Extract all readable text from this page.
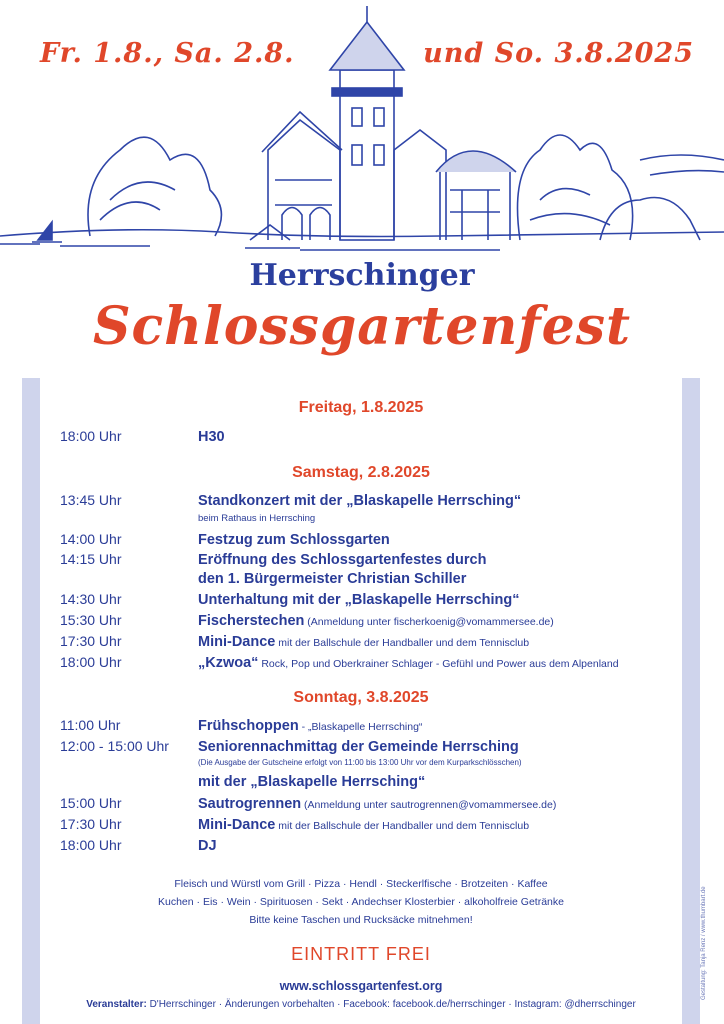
Fr. 1.8., Sa. 2.8.	und So. 3.8.2025
Herrschinger
Schlossgartenfest
Freitag, 1.8.2025
18:00 Uhr	H30
Samstag, 2.8.2025
13:45 Uhr	Standkonzert mit der „Blaskapelle Herrsching“
beim Rathaus in Herrsching
14:00 Uhr	Festzug zum Schlossgarten
14:15 Uhr	Eröffnung des Schlossgartenfestes durch
den 1. Bürgermeister Christian Schiller
14:30 Uhr	Unterhaltung mit der „Blaskapelle Herrsching“
15:30 Uhr	Fischerstechen (Anmeldung unter fischerkoenig@vomammersee.de)
17:30 Uhr	Mini-Dance mit der Ballschule der Handballer und dem Tennisclub
18:00 Uhr	„Kzwoa“ Rock, Pop und Oberkrainer Schlager - Gefühl und Power aus dem Alpenland
Sonntag, 3.8.2025
11:00 Uhr	Frühschoppen - „Blaskapelle Herrsching“
12:00 - 15:00 Uhr Seniorennachmittag der Gemeinde Herrsching
(Die Ausgabe der Gutscheine erfolgt von 11:00 bis 13:00 Uhr vor dem Kurparkschlösschen)
mit der „Blaskapelle Herrsching“
15:00 Uhr	Sautrogrennen (Anmeldung unter sautrogrennen@vomammersee.de)
17:30 Uhr	Mini-Dance mit der Ballschule der Handballer und dem Tennisclub
18:00 Uhr	DJ
Fleisch und Würstl vom Grill · Pizza · Hendl · Steckerlfische · Brotzeiten · Kaffee
Kuchen · Eis · Wein · Spirituosen · Sekt · Andechser Klosterbier · alkoholfreie Getränke
Bitte keine Taschen und Rucksäcke mitnehmen!
EINTRITT FREI
www.schlossgartenfest.org
Veranstalter: D'Herrschinger · Änderungen vorbehalten · Facebook: facebook.de/herrschinger · Instagram: @dherrschinger
Gestaltung: Tanja Renz / www.thumbart.de
